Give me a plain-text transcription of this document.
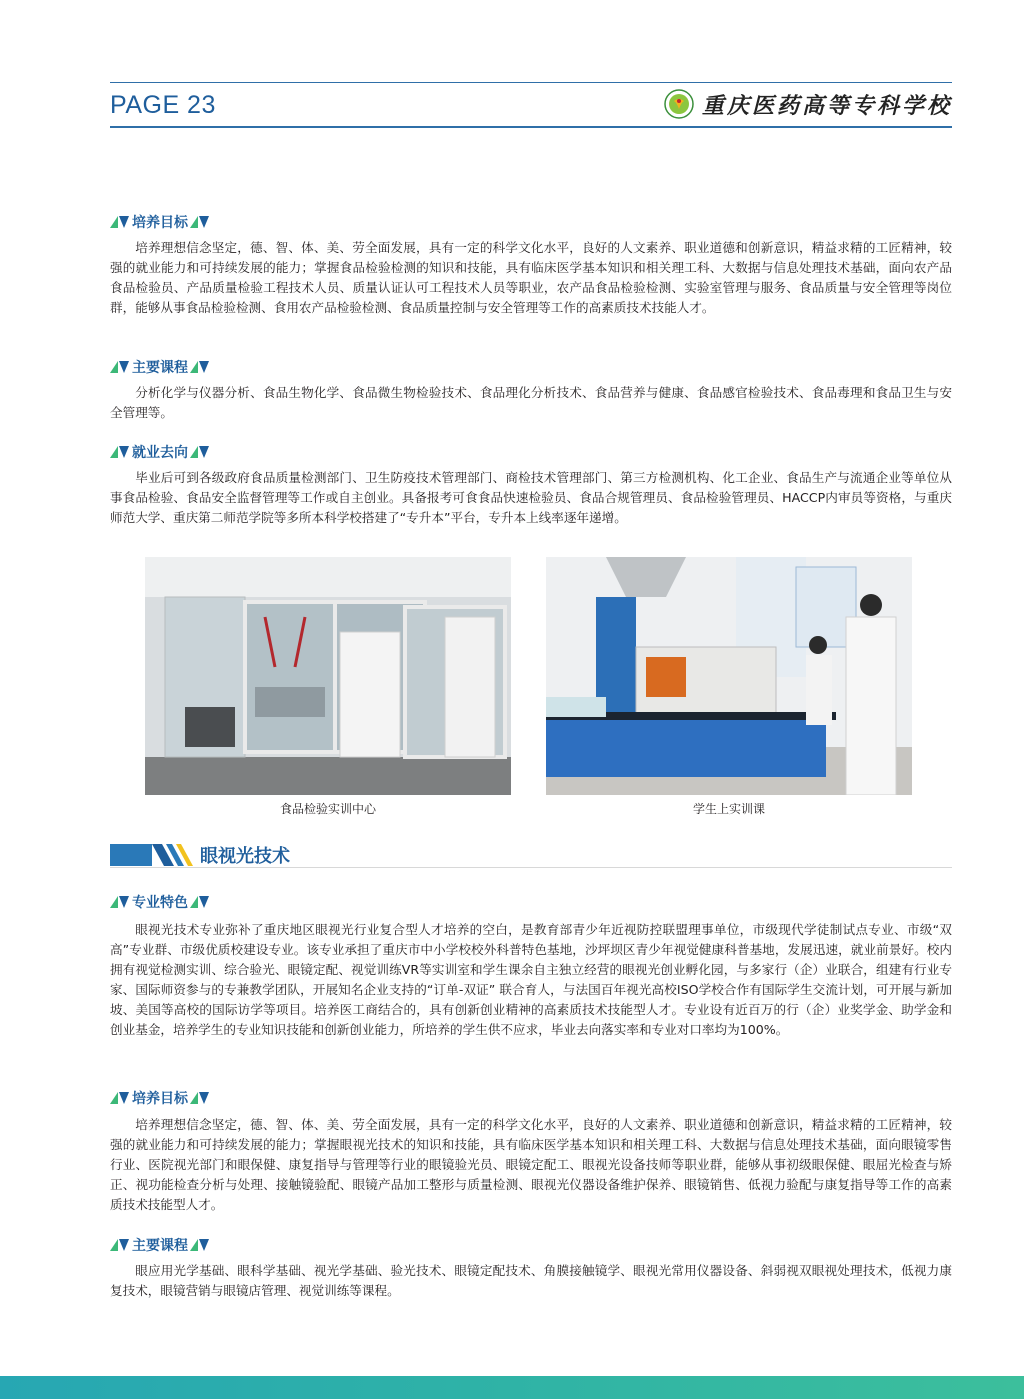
PAGE 23	重庆医药高等专科学校
培养目标

培养理想信念坚定，德、智、体、美、劳全面发展，具有一定的科学文化水平，良好的人文素养、职业道德和创新意识，精益求精的工匠精神，较强的就业能力和可持续发展的能力；掌握食品检验检测的知识和技能，具有临床医学基本知识和相关理工科、大数据与信息处理技术基础，面向农产品食品检验员、产品质量检验工程技术人员、质量认证认可工程技术人员等职业，农产品食品检验检测、实验室管理与服务、食品质量与安全管理等岗位群，能够从事食品检验检测、食用农产品检验检测、食品质量控制与安全管理等工作的高素质技术技能人才。

主要课程

分析化学与仪器分析、食品生物化学、食品微生物检验技术、食品理化分析技术、食品营养与健康、食品感官检验技术、食品毒理和食品卫生与安全管理等。

就业去向

毕业后可到各级政府食品质量检测部门、卫生防疫技术管理部门、商检技术管理部门、第三方检测机构、化工企业、食品生产与流通企业等单位从事食品检验、食品安全监督管理等工作或自主创业。具备报考可食食品快速检验员、食品合规管理员、食品检验管理员、HACCP内审员等资格，与重庆师范大学、重庆第二师范学院等多所本科学校搭建了“专升本”平台，专升本上线率逐年递增。

食品检验实训中心	学生上实训课
眼视光技术
专业特色

眼视光技术专业弥补了重庆地区眼视光行业复合型人才培养的空白，是教育部青少年近视防控联盟理事单位，市级现代学徒制试点专业、市级“双高”专业群、市级优质校建设专业。该专业承担了重庆市中小学校校外科普特色基地，沙坪坝区青少年视觉健康科普基地，发展迅速，就业前景好。校内拥有视觉检测实训、综合验光、眼镜定配、视觉训练VR等实训室和学生课余自主独立经营的眼视光创业孵化园，与多家行（企）业联合，组建有行业专家、国际师资参与的专兼教学团队，开展知名企业支持的“订单-双证” 联合育人，与法国百年视光高校ISO学校合作有国际学生交流计划，可开展与新加坡、美国等高校的国际访学等项目。培养医工商结合的，具有创新创业精神的高素质技术技能型人才。专业设有近百万的行（企）业奖学金、助学金和创业基金，培养学生的专业知识技能和创新创业能力，所培养的学生供不应求，毕业去向落实率和专业对口率均为100%。

培养目标

培养理想信念坚定，德、智、体、美、劳全面发展，具有一定的科学文化水平，良好的人文素养、职业道德和创新意识，精益求精的工匠精神，较强的就业能力和可持续发展的能力；掌握眼视光技术的知识和技能，具有临床医学基本知识和相关理工科、大数据与信息处理技术基础，面向眼镜零售行业、医院视光部门和眼保健、康复指导与管理等行业的眼镜验光员、眼镜定配工、眼视光设备技师等职业群，能够从事初级眼保健、眼屈光检查与矫正、视功能检查分析与处理、接触镜验配、眼镜产品加工整形与质量检测、眼视光仪器设备维护保养、眼镜销售、低视力验配与康复指导等工作的高素质技术技能型人才。

主要课程

眼应用光学基础、眼科学基础、视光学基础、验光技术、眼镜定配技术、角膜接触镜学、眼视光常用仪器设备、斜弱视双眼视处理技术，低视力康复技术，眼镜营销与眼镜店管理、视觉训练等课程。
